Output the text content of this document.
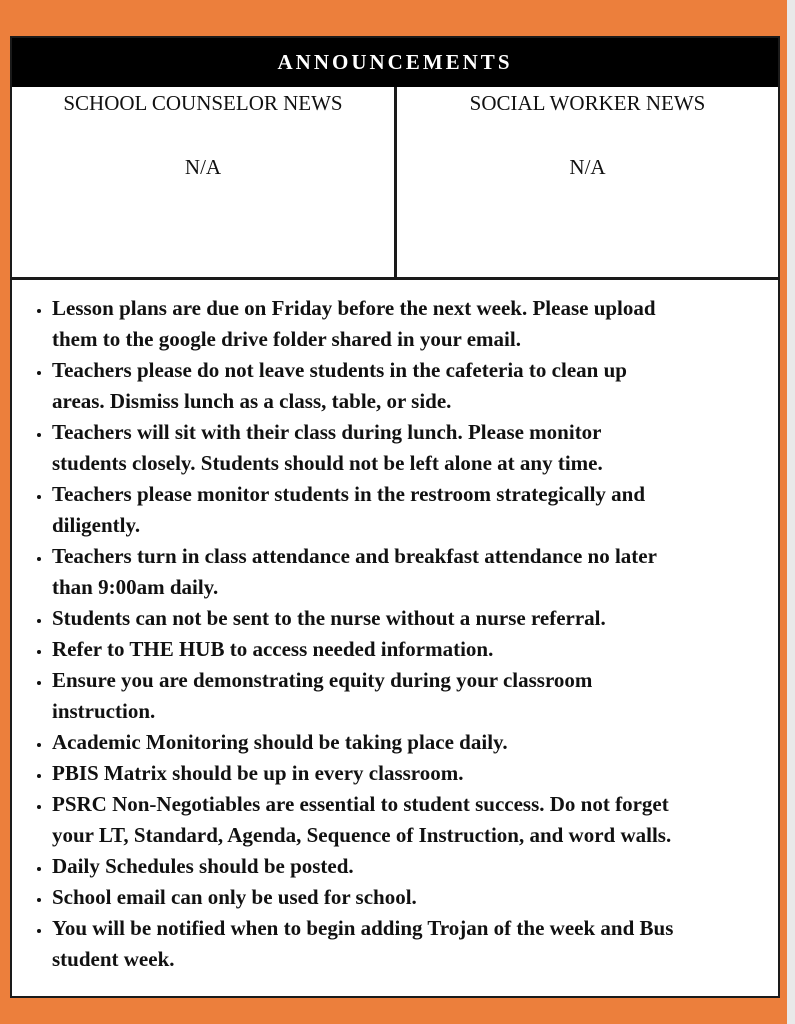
ANNOUNCEMENTS
SCHOOL COUNSELOR NEWS
N/A
SOCIAL WORKER NEWS
N/A
• Lesson plans are due on Friday before the next week. Please upload
them to the google drive folder shared in your email.
• Teachers please do not leave students in the cafeteria to clean up
areas. Dismiss lunch as a class, table, or side.
• Teachers will sit with their class during lunch. Please monitor
students closely. Students should not be left alone at any time.
• Teachers please monitor students in the restroom strategically and
diligently.
• Teachers turn in class attendance and breakfast attendance no later
than 9:00am daily.
• Students can not be sent to the nurse without a nurse referral.
• Refer to THE HUB to access needed information.
• Ensure you are demonstrating equity during your classroom
instruction.
• Academic Monitoring should be taking place daily.
• PBIS Matrix should be up in every classroom.
• PSRC Non-Negotiables are essential to student success. Do not forget
your LT, Standard, Agenda, Sequence of Instruction, and word walls.
• Daily Schedules should be posted.
• School email can only be used for school.
• You will be notified when to begin adding Trojan of the week and Bus
student week.
